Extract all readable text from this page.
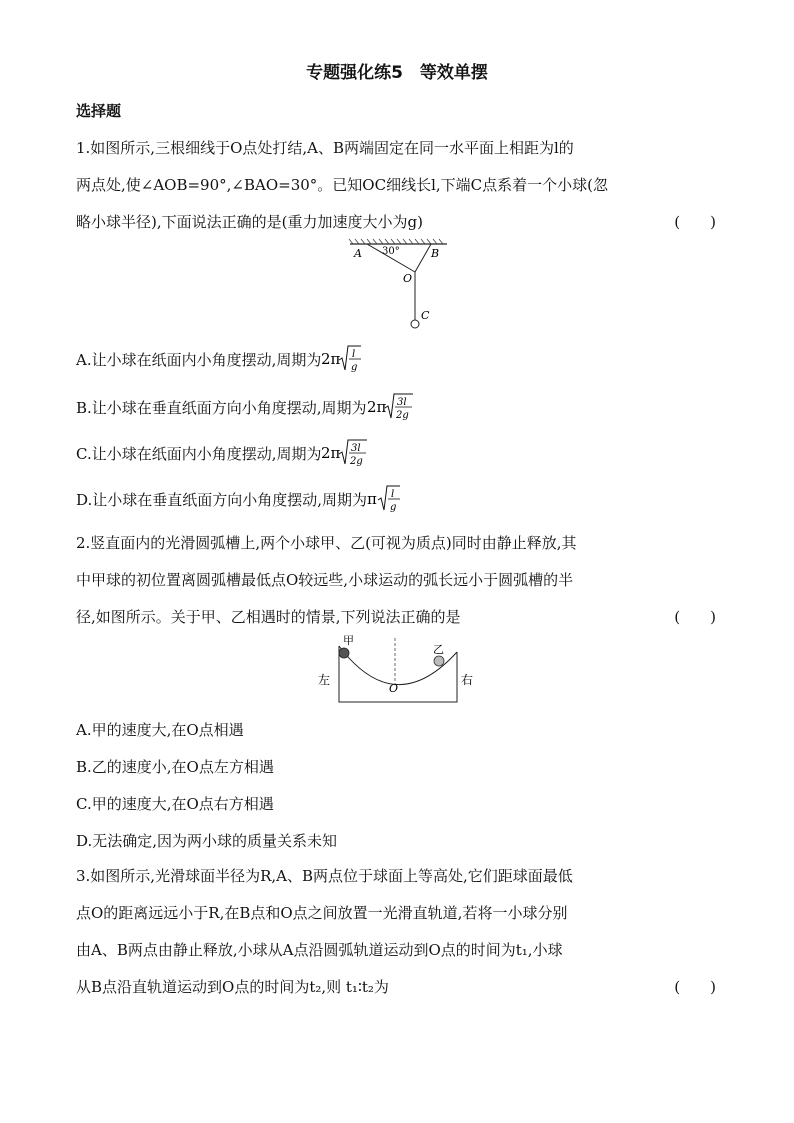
专题强化练5　等效单摆
选择题
1.如图所示,三根细线于O点处打结,A、B两端固定在同一水平面上相距为l的
两点处,使∠AOB=90°,∠BAO=30°。已知OC细线长l,下端C点系着一个小球(忽
略小球半径),下面说法正确的是(重力加速度大小为g)	(　　)
A 30°	B
O
C
A.让小球在纸面内小角度摆动,周期为 2π l
g
B.让小球在垂直纸面方向小角度摆动,周期为 2π 3l
2g
C.让小球在纸面内小角度摆动,周期为 2π 3l
2g
D.让小球在垂直纸面方向小角度摆动,周期为 π l
g
2.竖直面内的光滑圆弧槽上,两个小球甲、乙(可视为质点)同时由静止释放,其
中甲球的初位置离圆弧槽最低点O较远些,小球运动的弧长远小于圆弧槽的半
径,如图所示。关于甲、乙相遇时的情景,下列说法正确的是	(　　)
甲
乙
左	右
O
A.甲的速度大,在O点相遇
B.乙的速度小,在O点左方相遇
C.甲的速度大,在O点右方相遇
D.无法确定,因为两小球的质量关系未知
3.如图所示,光滑球面半径为R,A、B两点位于球面上等高处,它们距球面最低
点O的距离远远小于R,在B点和O点之间放置一光滑直轨道,若将一小球分别
由A、B两点由静止释放,小球从A点沿圆弧轨道运动到O点的时间为t₁,小球
从B点沿直轨道运动到O点的时间为t₂,则 t₁∶t₂为	(　　)
